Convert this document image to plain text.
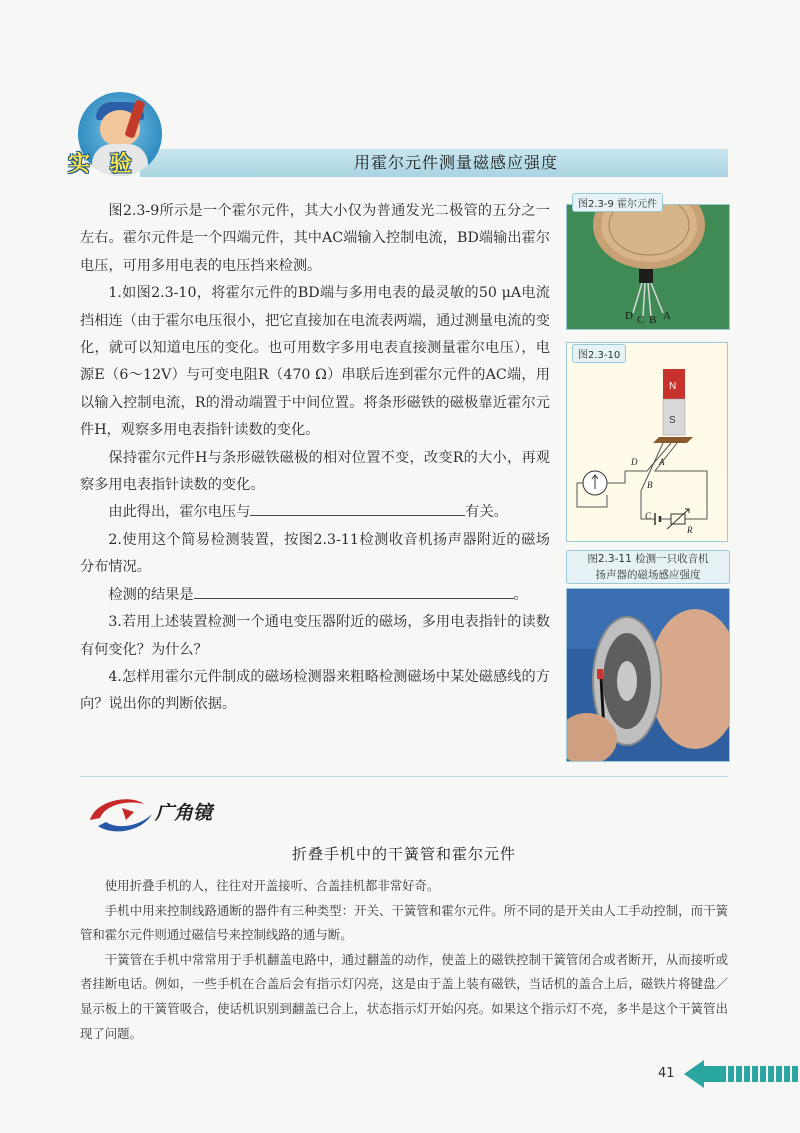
用霍尔元件测量磁感应强度
实 验

图2.3-9所示是一个霍尔元件，其大小仅为普通发光二极管的五分之一左右。霍尔元件是一个四端元件，其中AC端输入控制电流，BD端输出霍尔电压，可用多用电表的电压挡来检测。

1.如图2.3-10，将霍尔元件的BD端与多用电表的最灵敏的50 μA电流挡相连（由于霍尔电压很小，把它直接加在电流表两端，通过测量电流的变化，就可以知道电压的变化。也可用数字多用电表直接测量霍尔电压），电源E（6～12V）与可变电阻R（470 Ω）串联后连到霍尔元件的AC端，用以输入控制电流，R的滑动端置于中间位置。将条形磁铁的磁极靠近霍尔元件H，观察多用电表指针读数的变化。

保持霍尔元件H与条形磁铁磁极的相对位置不变，改变R的大小，再观察多用电表指针读数的变化。

由此得出，霍尔电压与	有关。

2.使用这个简易检测装置，按图2.3-11检测收音机扬声器附近的磁场分布情况。

检测的结果是	。

3.若用上述装置检测一个通电变压器附近的磁场，多用电表指针的读数有何变化？为什么？

4.怎样用霍尔元件制成的磁场检测器来粗略检测磁场中某处磁感线的方向？说出你的判断依据。

D C B A
图2.3-9 霍尔元件
N
S
D A
B
C
R
图2.3-10
图2.3-11 检测一只收音机
扬声器的磁场感应强度
广角镜
折叠手机中的干簧管和霍尔元件

使用折叠手机的人，往往对开盖接听、合盖挂机都非常好奇。

手机中用来控制线路通断的器件有三种类型：开关、干簧管和霍尔元件。所不同的是开关由人工手动控制，而干簧管和霍尔元件则通过磁信号来控制线路的通与断。

干簧管在手机中常常用于手机翻盖电路中，通过翻盖的动作，使盖上的磁铁控制干簧管闭合或者断开，从而接听或者挂断电话。例如，一些手机在合盖后会有指示灯闪亮，这是由于盖上装有磁铁，当话机的盖合上后，磁铁片将键盘／显示板上的干簧管吸合，使话机识别到翻盖已合上，状态指示灯开始闪亮。如果这个指示灯不亮，多半是这个干簧管出现了问题。

41
